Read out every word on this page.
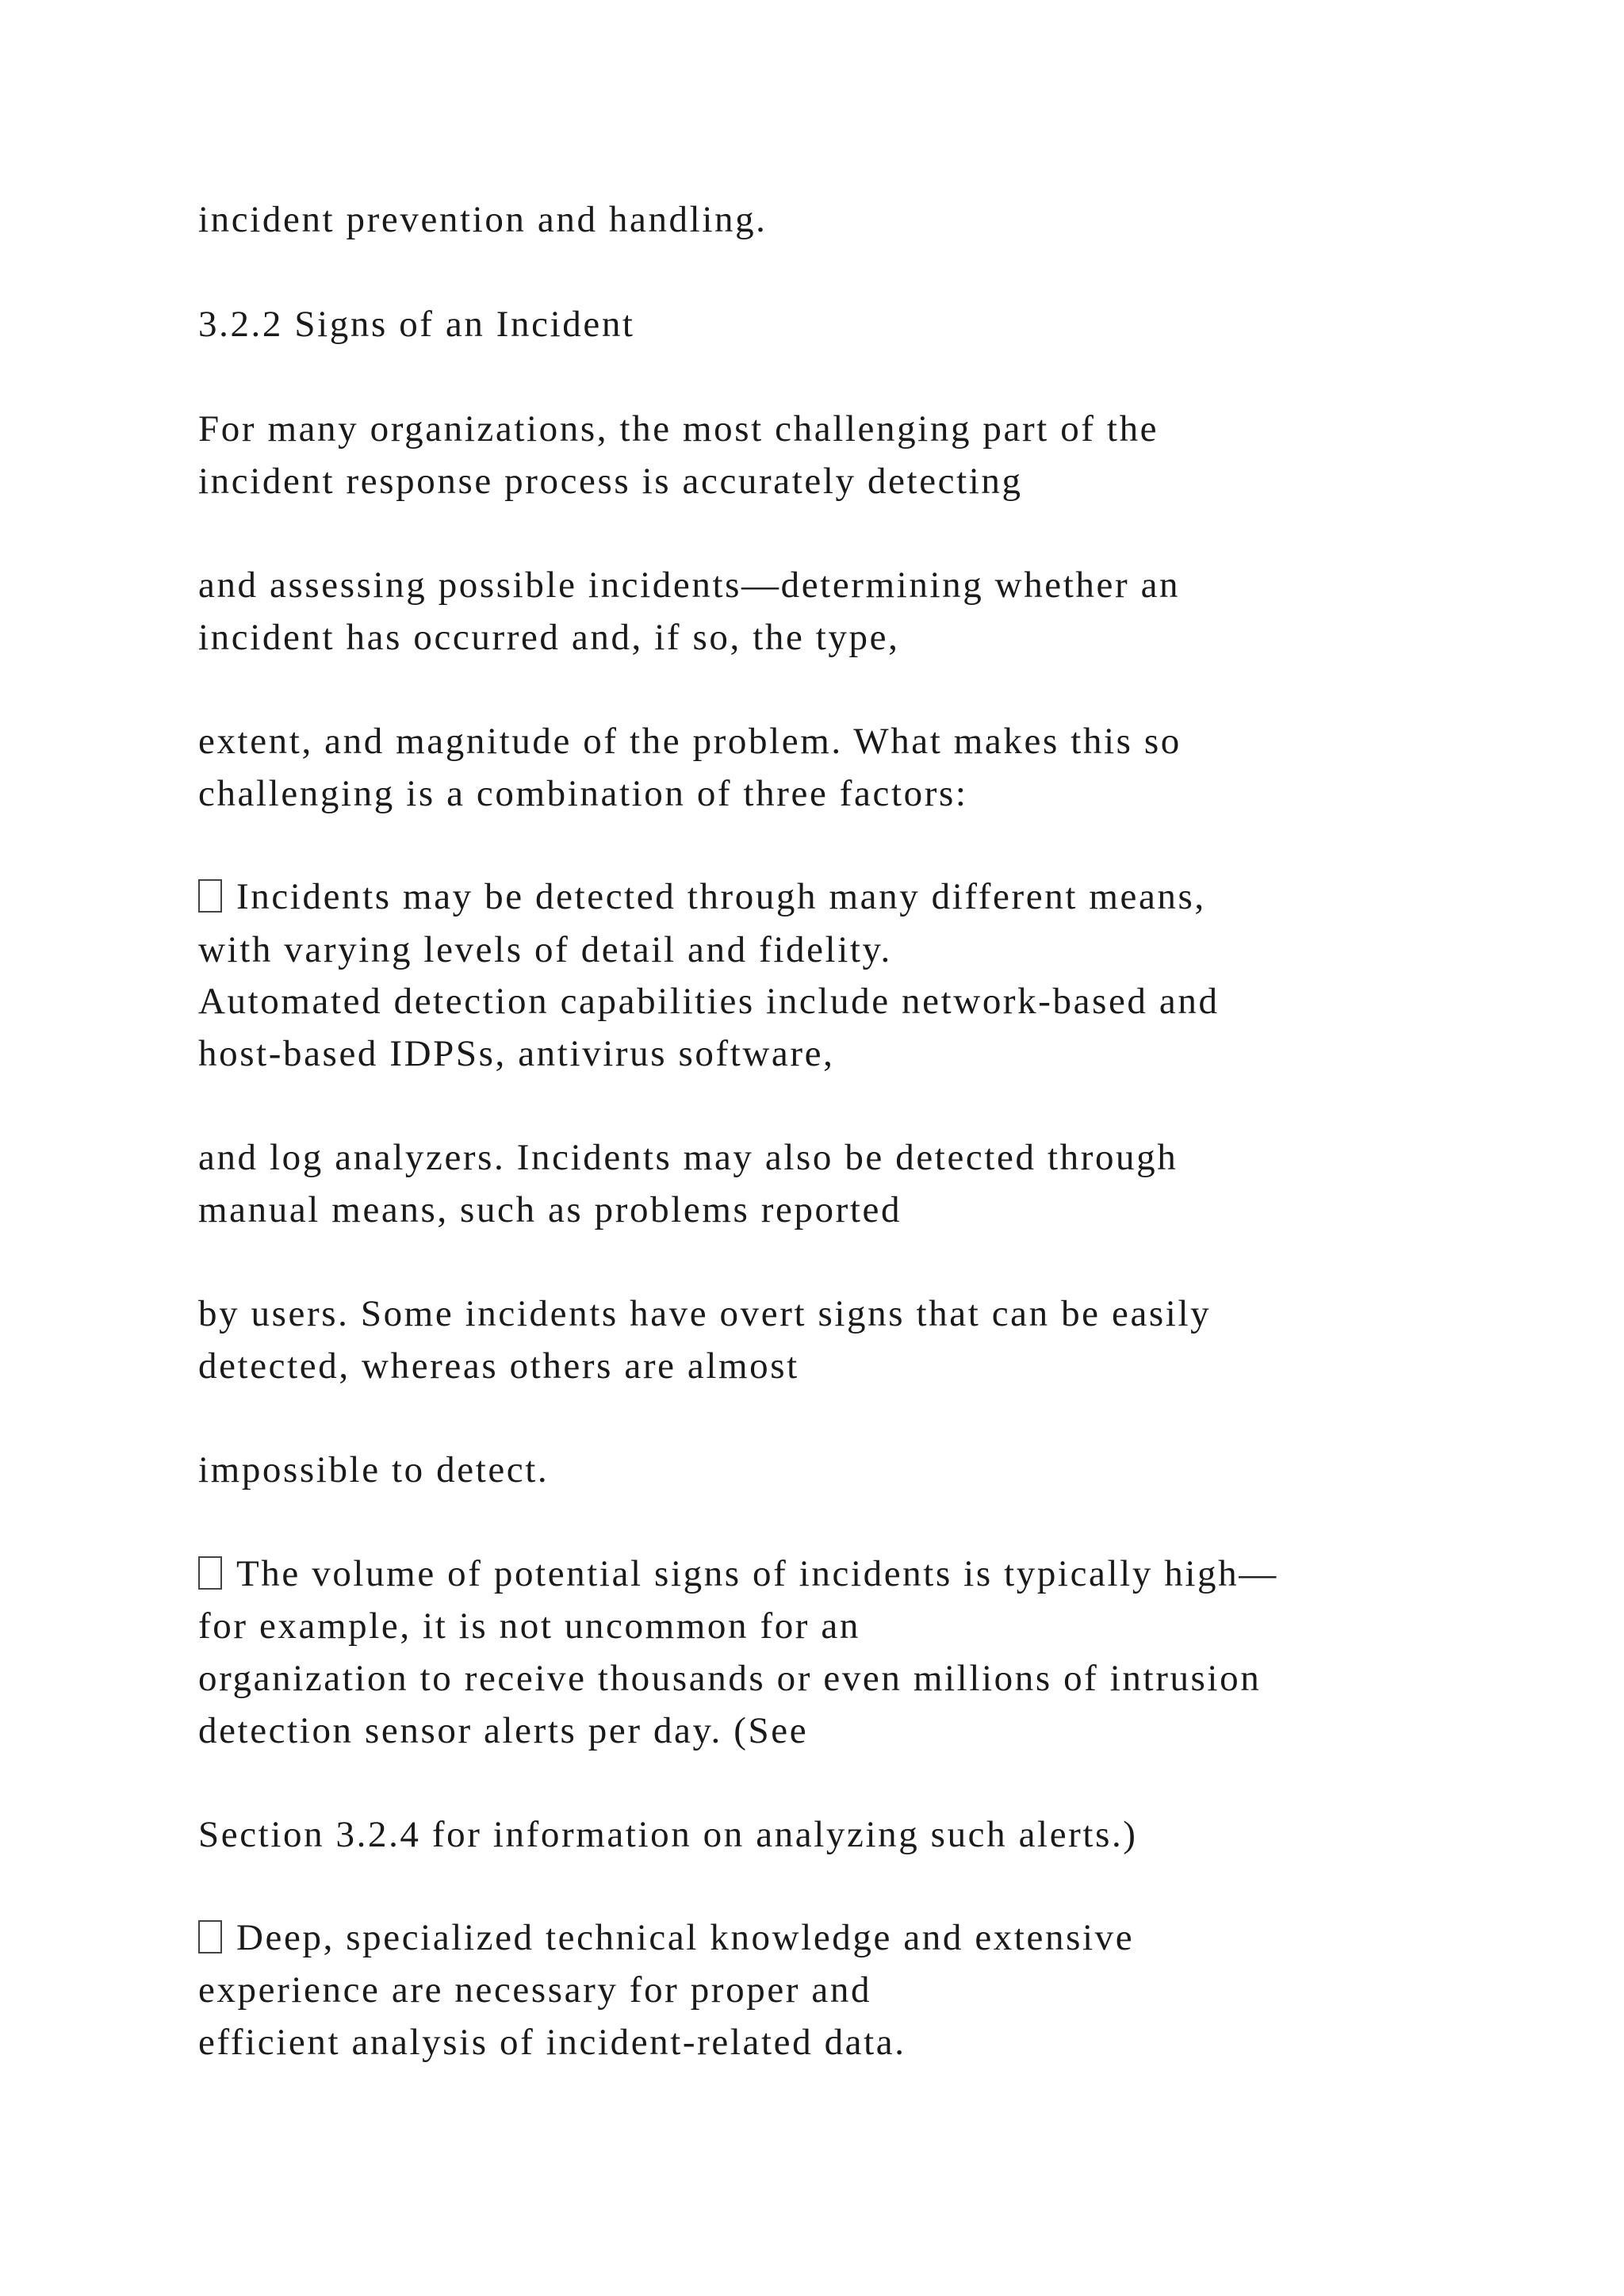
incident prevention and handling.

3.2.2 Signs of an Incident

For many organizations, the most challenging part of the

incident response process is accurately detecting

and assessing possible incidents—determining whether an

incident has occurred and, if so, the type,

extent, and magnitude of the problem. What makes this so

challenging is a combination of three factors:

Incidents may be detected through many different means,

with varying levels of detail and fidelity.

Automated detection capabilities include network-based and

host-based IDPSs, antivirus software,

and log analyzers. Incidents may also be detected through

manual means, such as problems reported

by users. Some incidents have overt signs that can be easily

detected, whereas others are almost

impossible to detect.

The volume of potential signs of incidents is typically high—

for example, it is not uncommon for an

organization to receive thousands or even millions of intrusion

detection sensor alerts per day. (See

Section 3.2.4 for information on analyzing such alerts.)

Deep, specialized technical knowledge and extensive

experience are necessary for proper and

efficient analysis of incident-related data.
